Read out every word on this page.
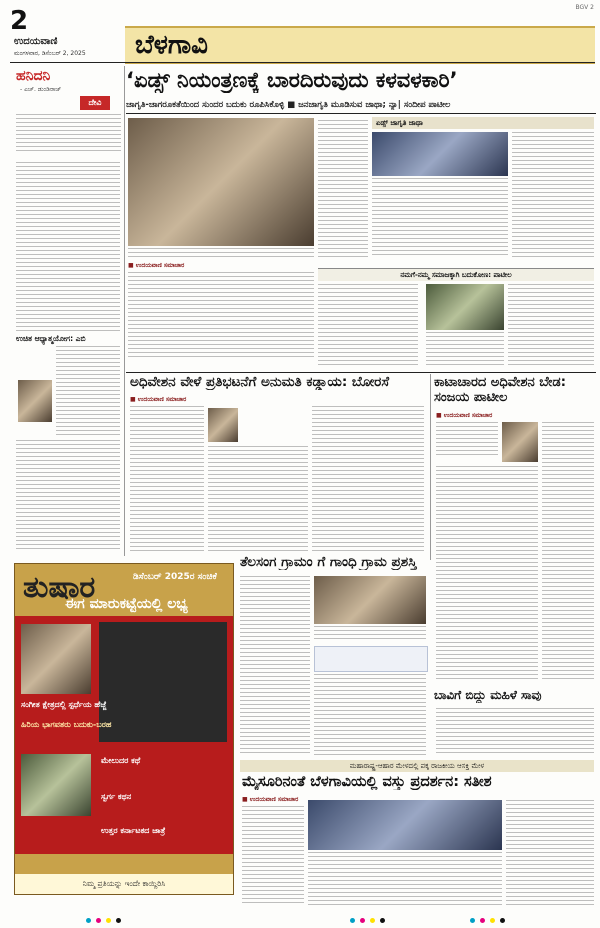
2
ಉದಯವಾಣಿ
ಮಂಗಳವಾರ, ಡಿಸೆಂಬರ್ 2, 2025
BGV 2
ಬೆಳಗಾವಿ
ಹನಿದನಿ
- ಎಚ್. ಡುಂಡಿರಾಜ್
ದೇವಿ
ಉಚಿತ ಆಧ್ಯಾತ್ಮಯೋಗ: ಎಬಿ
‘ಏಡ್ಸ್ ನಿಯಂತ್ರಣಕ್ಕೆ ಬಾರದಿರುವುದು ಕಳವಳಕಾರಿ’
ಜಾಗೃತಿ-ಜಾಗರೂಕತೆಯಿಂದ ಸುಂದರ ಬದುಕು ರೂಪಿಸಿಕೊಳ್ಳಿ ■ ಜನಜಾಗೃತಿ ಮೂಡಿಸುವ ಜಾಥಾ; ನ್ಯಾ| ಸಂದೀಪ ಪಾಟೀಲ
■ ಉದಯವಾಣಿ ಸಮಾಚಾರ
ಏಡ್ಸ್ ಜಾಗೃತಿ ಜಾಥಾ
ನಮಗೆ-ನಮ್ಮ ಸಮಾಜಕ್ಕಾಗಿ ಬದುಕೋಣ: ಪಾಟೀಲ
ಅಧಿವೇಶನ ವೇಳೆ ಪ್ರತಿಭಟನೆಗೆ ಅನುಮತಿ ಕಡ್ಡಾಯ: ಬೋರಸೆ
■ ಉದಯವಾಣಿ ಸಮಾಚಾರ
ಕಾಟಾಚಾರದ ಅಧಿವೇಶನ ಬೇಡ: ಸಂಜಯ ಪಾಟೀಲ
■ ಉದಯವಾಣಿ ಸಮಾಚಾರ
ತೆಲಸಂಗ ಗ್ರಾಮಂ ಗೆ ಗಾಂಧಿ ಗ್ರಾಮ ಪ್ರಶಸ್ತಿ
ಬಾವಿಗೆ ಬಿದ್ದು ಮಹಿಳೆ ಸಾವು
ಮಹಾರಾಷ್ಟ್ರ-ಆಹಾರ ಮೇಳದಲ್ಲಿ ಪಕ್ಕ ರಾಜಕೀಯ ಆಸಕ್ತಿ ಮೇಳ
ಮೈಸೂರಿನಂತೆ ಬೆಳಗಾವಿಯಲ್ಲಿ ವಸ್ತು ಪ್ರದರ್ಶನ: ಸತೀಶ
■ ಉದಯವಾಣಿ ಸಮಾಚಾರ
ತುಷಾರ	ಡಿಸೆಂಬರ್ 2025ರ ಸಂಚಿಕೆ
ಈಗ ಮಾರುಕಟ್ಟೆಯಲ್ಲಿ ಲಭ್ಯ
ಸಂಗೀತ ಕ್ಷೇತ್ರದಲ್ಲಿ ಸ್ಪರ್ಧೆಯ ಹೆಜ್ಜೆ
ಹಿರಿಯ ಭಾಗವತರು ಬದುಕು-ಬರಹ
ಮೇಲುದರ ಕಥೆ
ಸ್ವರ್ಗ ಕಥನ
ಉತ್ತರ ಕರ್ನಾಟಕದ ಜಾತ್ರೆ
ನಿಮ್ಮ ಪ್ರತಿಯನ್ನು ಇಂದೇ ಕಾಯ್ದಿರಿಸಿ
